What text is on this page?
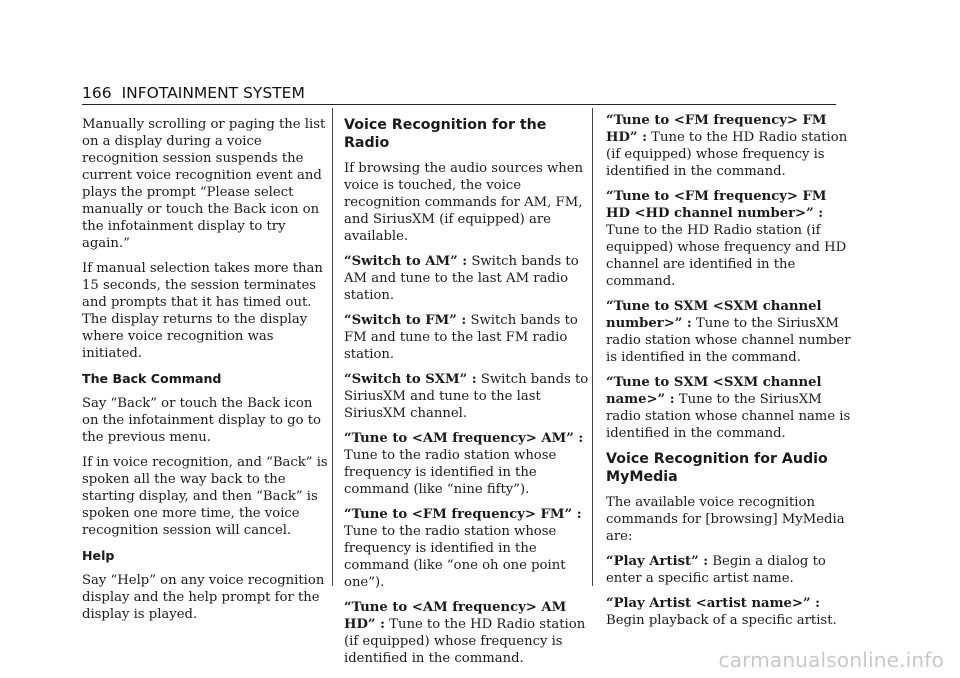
166 INFOTAINMENT SYSTEM

Manually scrolling or paging the list on a display during a voice recognition session suspends the current voice recognition event and plays the prompt “Please select manually or touch the Back icon on the infotainment display to try again.”

If manual selection takes more than 15 seconds, the session terminates and prompts that it has timed out. The display returns to the display where voice recognition was initiated.

The Back Command

Say “Back” or touch the Back icon on the infotainment display to go to the previous menu.

If in voice recognition, and “Back” is spoken all the way back to the starting display, and then “Back” is spoken one more time, the voice recognition session will cancel.

Help

Say “Help” on any voice recognition display and the help prompt for the display is played.

Voice Recognition for the Radio

If browsing the audio sources when voice is touched, the voice recognition commands for AM, FM, and SiriusXM (if equipped) are available.

“Switch to AM” : Switch bands to AM and tune to the last AM radio station.

“Switch to FM” : Switch bands to FM and tune to the last FM radio station.

“Switch to SXM” : Switch bands to SiriusXM and tune to the last SiriusXM channel.

“Tune to <AM frequency> AM” : Tune to the radio station whose frequency is identified in the command (like “nine fifty”).

“Tune to <FM frequency> FM” : Tune to the radio station whose frequency is identified in the command (like “one oh one point one”).

“Tune to <AM frequency> AM HD” : Tune to the HD Radio station (if equipped) whose frequency is identified in the command.

“Tune to <FM frequency> FM HD” : Tune to the HD Radio station (if equipped) whose frequency is identified in the command.

“Tune to <FM frequency> FM HD <HD channel number>” : Tune to the HD Radio station (if equipped) whose frequency and HD channel are identified in the command.

“Tune to SXM <SXM channel number>” : Tune to the SiriusXM radio station whose channel number is identified in the command.

“Tune to SXM <SXM channel name>” : Tune to the SiriusXM radio station whose channel name is identified in the command.

Voice Recognition for Audio MyMedia

The available voice recognition commands for [browsing] MyMedia are:

“Play Artist” : Begin a dialog to enter a specific artist name.

“Play Artist <artist name>” : Begin playback of a specific artist.

carmanualsonline.info
